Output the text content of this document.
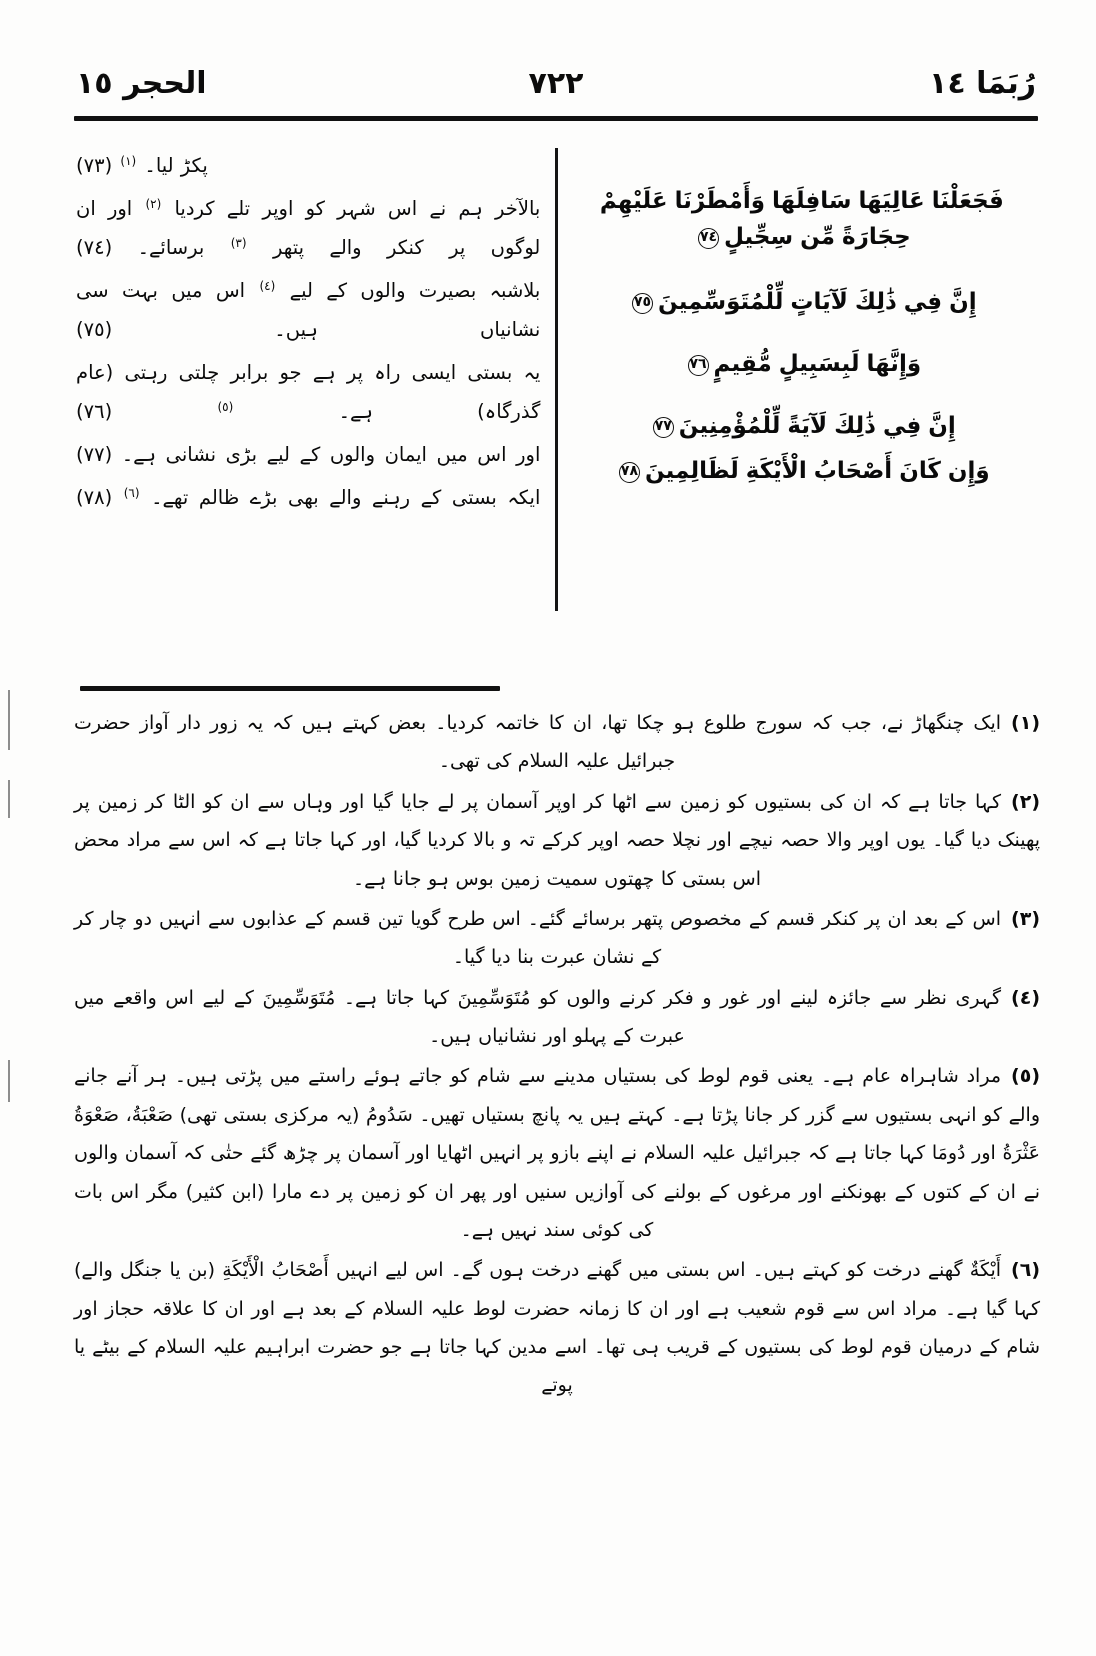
الحجر ١٥	٧٢٢	رُبَمَا ١٤

فَجَعَلْنَا عَالِيَهَا سَافِلَهَا وَأَمْطَرْنَا عَلَيْهِمْ حِجَارَةً مِّن سِجِّيلٍ٧٤

إِنَّ فِي ذَٰلِكَ لَآيَاتٍ لِّلْمُتَوَسِّمِينَ٧٥

وَإِنَّهَا لَبِسَبِيلٍ مُّقِيمٍ٧٦

إِنَّ فِي ذَٰلِكَ لَآيَةً لِّلْمُؤْمِنِينَ٧٧

وَإِن كَانَ أَصْحَابُ الْأَيْكَةِ لَظَالِمِينَ٧٨

پکڑ لیا۔ $^{(١)}$ (٧٣)

بالآخر ہم نے اس شہر کو اوپر تلے کردیا $^{(٢)}$ اور ان لوگوں پر کنکر والے پتھر $^{(٣)}$ برسائے۔ (٧٤)

بلاشبہ بصیرت والوں کے لیے $^{(٤)}$ اس میں بہت سی نشانیاں ہیں۔ (٧٥)

یہ بستی ایسی راہ پر ہے جو برابر چلتی رہتی (عام گذرگاہ) ہے۔ $^{(٥)}$ (٧٦)

اور اس میں ایمان والوں کے لیے بڑی نشانی ہے۔ (٧٧)

ایکہ بستی کے رہنے والے بھی بڑے ظالم تھے۔ $^{(٦)}$ (٧٨)

(١)ایک چنگھاڑ نے، جب کہ سورج طلوع ہو چکا تھا، ان کا خاتمہ کردیا۔ بعض کہتے ہیں کہ یہ زور دار آواز حضرت جبرائیل علیہ السلام کی تھی۔

(٢)کہا جاتا ہے کہ ان کی بستیوں کو زمین سے اٹھا کر اوپر آسمان پر لے جایا گیا اور وہاں سے ان کو الٹا کر زمین پر پھینک دیا گیا۔ یوں اوپر والا حصہ نیچے اور نچلا حصہ اوپر کرکے تہ و بالا کردیا گیا، اور کہا جاتا ہے کہ اس سے مراد محض اس بستی کا چھتوں سمیت زمین بوس ہو جانا ہے۔

(٣)اس کے بعد ان پر کنکر قسم کے مخصوص پتھر برسائے گئے۔ اس طرح گویا تین قسم کے عذابوں سے انہیں دو چار کر کے نشان عبرت بنا دیا گیا۔

(٤)گہری نظر سے جائزہ لینے اور غور و فکر کرنے والوں کو مُتَوَسِّمِینَ کہا جاتا ہے۔ مُتَوَسِّمِینَ کے لیے اس واقعے میں عبرت کے پہلو اور نشانیاں ہیں۔

(٥)مراد شاہراہ عام ہے۔ یعنی قوم لوط کی بستیاں مدینے سے شام کو جاتے ہوئے راستے میں پڑتی ہیں۔ ہر آنے جانے والے کو انہی بستیوں سے گزر کر جانا پڑتا ہے۔ کہتے ہیں یہ پانچ بستیاں تھیں۔ سَدُومُ (یہ مرکزی بستی تھی) صَعْبَةُ، صَعْوَةُ عَثْرَةُ اور دُومَا کہا جاتا ہے کہ جبرائیل علیہ السلام نے اپنے بازو پر انہیں اٹھایا اور آسمان پر چڑھ گئے حتٰی کہ آسمان والوں نے ان کے کتوں کے بھونکنے اور مرغوں کے بولنے کی آوازیں سنیں اور پھر ان کو زمین پر دے مارا (ابن کثیر) مگر اس بات کی کوئی سند نہیں ہے۔

(٦)أَيْكَةٌ گھنے درخت کو کہتے ہیں۔ اس بستی میں گھنے درخت ہوں گے۔ اس لیے انہیں أَصْحَابُ الْأَيْكَةِ (بن یا جنگل والے) کہا گیا ہے۔ مراد اس سے قوم شعیب ہے اور ان کا زمانہ حضرت لوط علیہ السلام کے بعد ہے اور ان کا علاقہ حجاز اور شام کے درمیان قوم لوط کی بستیوں کے قریب ہی تھا۔ اسے مدین کہا جاتا ہے جو حضرت ابراہیم علیہ السلام کے بیٹے یا پوتے
